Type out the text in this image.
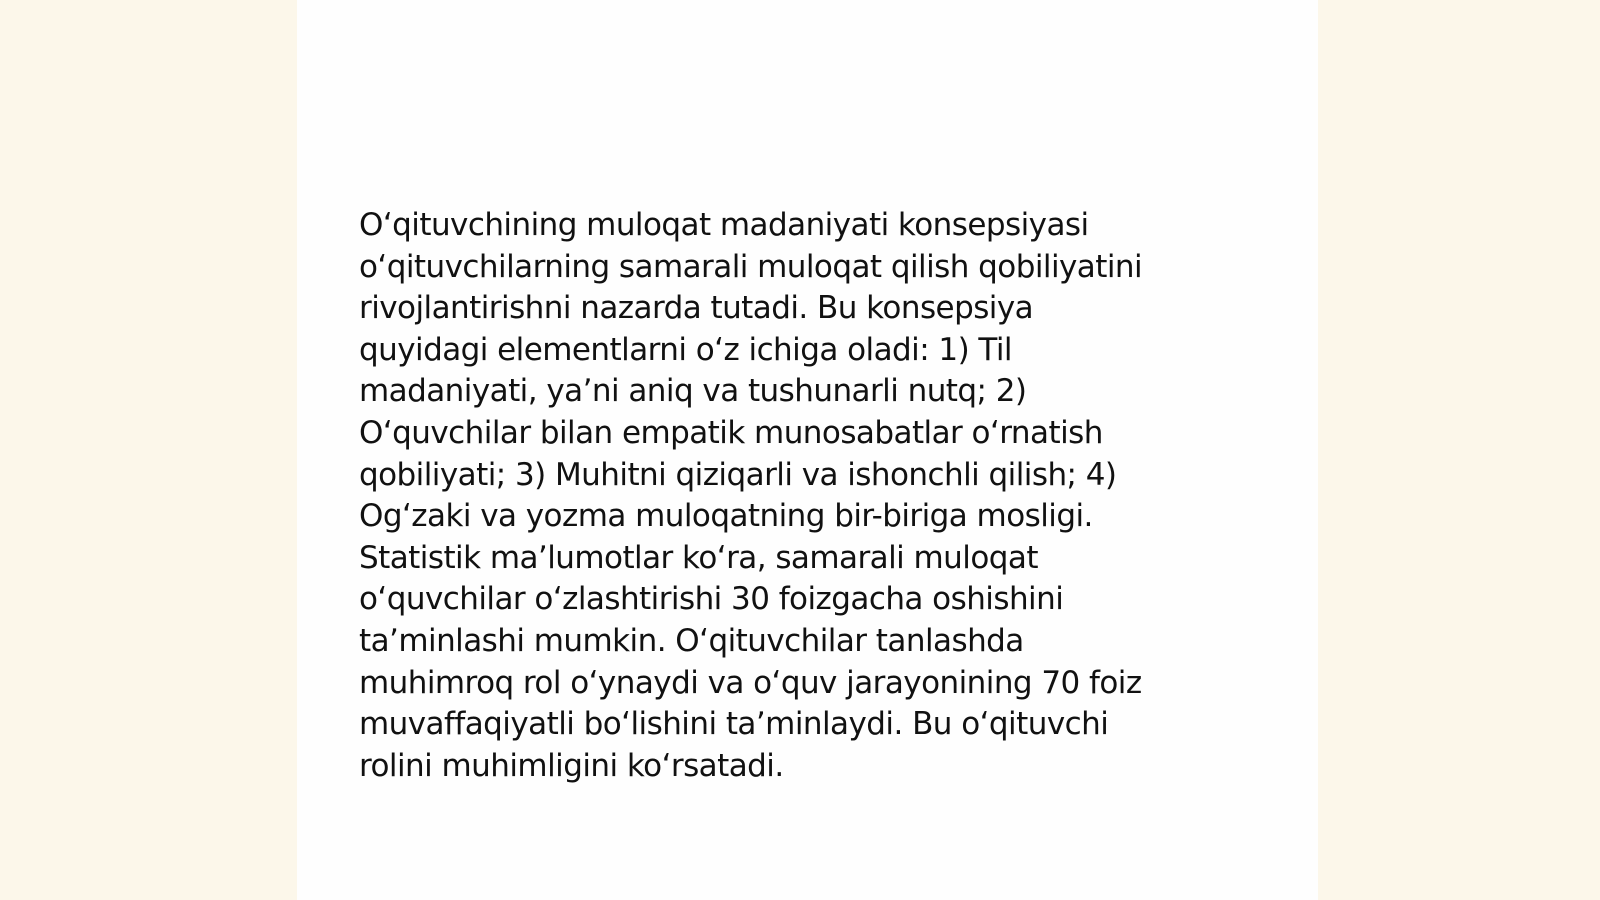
Oʻqituvchining muloqat madaniyati konsepsiyasi
oʻqituvchilarning samarali muloqat qilish qobiliyatini
rivojlantirishni nazarda tutadi. Bu konsepsiya
quyidagi elementlarni oʻz ichiga oladi: 1) Til
madaniyati, yaʼni aniq va tushunarli nutq; 2)
Oʻquvchilar bilan empatik munosabatlar oʻrnatish
qobiliyati; 3) Muhitni qiziqarli va ishonchli qilish; 4)
Ogʻzaki va yozma muloqatning bir-biriga mosligi.
Statistik maʼlumotlar koʻra, samarali muloqat
oʻquvchilar oʻzlashtirishi 30 foizgacha oshishini
taʼminlashi mumkin. Oʻqituvchilar tanlashda
muhimroq rol oʻynaydi va oʻquv jarayonining 70 foiz
muvaffaqiyatli boʻlishini taʼminlaydi. Bu oʻqituvchi
rolini muhimligini koʻrsatadi.
